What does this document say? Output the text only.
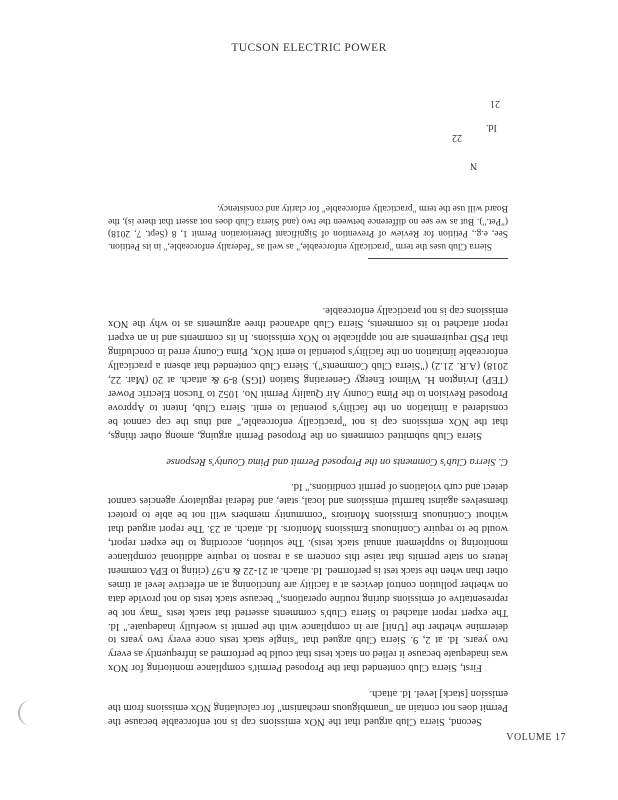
TUCSON ELECTRIC POWER

Second, Sierra Club argued that the NOx emissions cap is not enforceable because the Permit does not contain an "unambiguous mechanism" for calculating NOx emissions from the emission [stack] level. Id. attach.

First, Sierra Club contended that the Proposed Permit's compliance monitoring for NOx was inadequate because it relied on stack tests that could be performed as infrequently as every two years. Id. at 2, 9. Sierra Club argued that "single stack tests once every two years to determine whether the [Unit] are in compliance with the permit is woefully inadequate." Id. The expert report attached to Sierra Club's comments asserted that stack tests "may not be representative of emissions during routine operations," because stack tests do not provide data on whether pollution control devices at a facility are functioning at an effective level at times other than when the stack test is performed. Id. attach. at 21-22 & n.97 (citing to EPA comment letters on state permits that raise this concern as a reason to require additional compliance monitoring to supplement annual stack tests). The solution, according to the expert report, would be to require Continuous Emissions Monitors. Id. attach. at 23. The report argued that without Continuous Emissions Monitors "community members will not be able to protect themselves against harmful emissions and local, state, and federal regulatory agencies cannot detect and curb violations of permit conditions." Id.

C. Sierra Club's Comments on the Proposed Permit and Pima County's Response

Sierra Club submitted comments on the Proposed Permit arguing, among other things, that the NOx emissions cap is not "practically enforceable," and thus the cap cannot be considered a limitation on the facility's potential to emit. Sierra Club, Intent to Approve Proposed Revision to the Pima County Air Quality Permit No. 1052 to Tucson Electric Power (TEP) Irvington H. Wilmot Energy Generating Station (IGS) 8-9 & attach. at 20 (Mar. 22, 2018) (A.R. 21.2) ("Sierra Club Comments"). Sierra Club contended that absent a practically enforceable limitation on the facility's potential to emit NOx, Pima County erred in concluding that PSD requirements are not applicable to NOx emissions. In its comments and in an expert report attached to its comments, Sierra Club advanced three arguments as to why the NOx emissions cap is not practically enforceable.

Sierra Club uses the term "practically enforceable," as well as "federally enforceable," in its Petition. See, e.g., Petition for Review of Prevention of Significant Deterioration Permit 1, 8 (Sept. 7, 2018) ("Pet."). But as we see no difference between the two (and Sierra Club does not assert that there is), the Board will use the term "practically enforceable" for clarity and consistency.

N
Id.
21
22
VOLUME 17
